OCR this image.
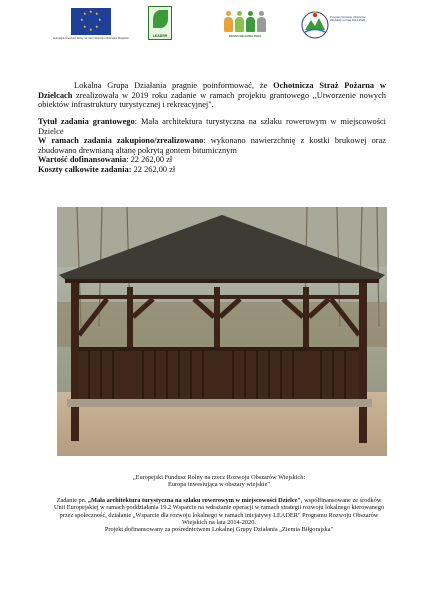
★ ★
★
★
★
★
★
★
Europejski Fundusz Rolny na rzecz Rozwoju Obszarów Wiejskich
LEADER	ZIEMIA BIŁGORAJSKA
Program Rozwoju Obszarów Wiejskich na lata 2014-2020
Lokalna Grupa Działania pragnie poinformować, że Ochotnicza Straż Pożarna w Dzielcach zrealizowała w 2019 roku zadanie w ramach projektu grantowego ,,Utworzenie nowych obiektów infrastruktury turystycznej i rekreacyjnej".

Tytuł zadania grantowego: Mała architektura turystyczna na szlaku rowerowym w miejscowości Dzielce

W ramach zadania zakupiono/zrealizowano: wykonano nawierzchnię z kostki brukowej oraz zbudowano drewnianą altanę pokrytą gontem bitumicznym

Wartość dofinansowania: 22 262,00 zł

Koszty całkowite zadania: 22 262,00 zł

„Europejski Fundusz Rolny na rzecz Rozwoju Obszarów Wiejskich:
Europa inwestująca w obszary wiejskie"
Zadanie pn. „Mała architektura turystyczna na szlaku rowerowym w miejscowości Dzielce", współfinansowane ze środków Unii Europejskiej w ramach poddziałania 19.2 Wsparcie na wdrażanie operacji w ramach strategii rozwoju lokalnego kierowanego przez społeczność, działanie „Wsparcie dla rozwoju lokalnego w ramach inicjatywy LEADER" Programu Rozwoju Obszarów Wiejskich na lata 2014-2020.
Projekt dofinansowany za pośrednictwem Lokalnej Grupy Działania „Ziemia Biłgorajska"
